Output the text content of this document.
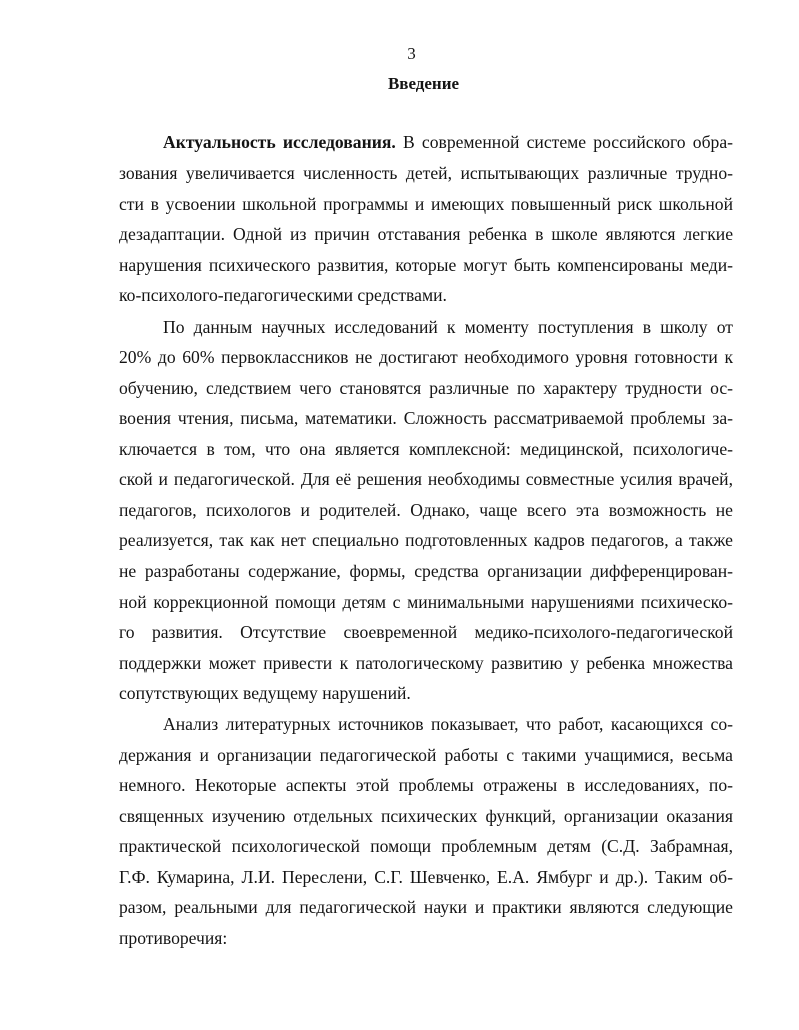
3
Введение
Актуальность исследования. В современной системе российского обра-
зования увеличивается численность детей, испытывающих различные трудно-
сти в усвоении школьной программы и имеющих повышенный риск школьной
дезадаптации. Одной из причин отставания ребенка в школе являются легкие
нарушения психического развития, которые могут быть компенсированы меди-
ко-психолого-педагогическими средствами.
По данным научных исследований к моменту поступления в школу от
20% до 60% первоклассников не достигают необходимого уровня готовности к
обучению, следствием чего становятся различные по характеру трудности ос-
воения чтения, письма, математики. Сложность рассматриваемой проблемы за-
ключается в том, что она является комплексной: медицинской, психологиче-
ской и педагогической. Для её решения необходимы совместные усилия врачей,
педагогов, психологов и родителей. Однако, чаще всего эта возможность не
реализуется, так как нет специально подготовленных кадров педагогов, а также
не разработаны содержание, формы, средства организации дифференцирован-
ной коррекционной помощи детям с минимальными нарушениями психическо-
го развития. Отсутствие своевременной медико-психолого-педагогической
поддержки может привести к патологическому развитию у ребенка множества
сопутствующих ведущему нарушений.
Анализ литературных источников показывает, что работ, касающихся со-
держания и организации педагогической работы с такими учащимися, весьма
немного. Некоторые аспекты этой проблемы отражены в исследованиях, по-
священных изучению отдельных психических функций, организации оказания
практической психологической помощи проблемным детям (С.Д. Забрамная,
Г.Ф. Кумарина, Л.И. Переслени, С.Г. Шевченко, Е.А. Ямбург и др.). Таким об-
разом, реальными для педагогической науки и практики являются следующие
противоречия:
